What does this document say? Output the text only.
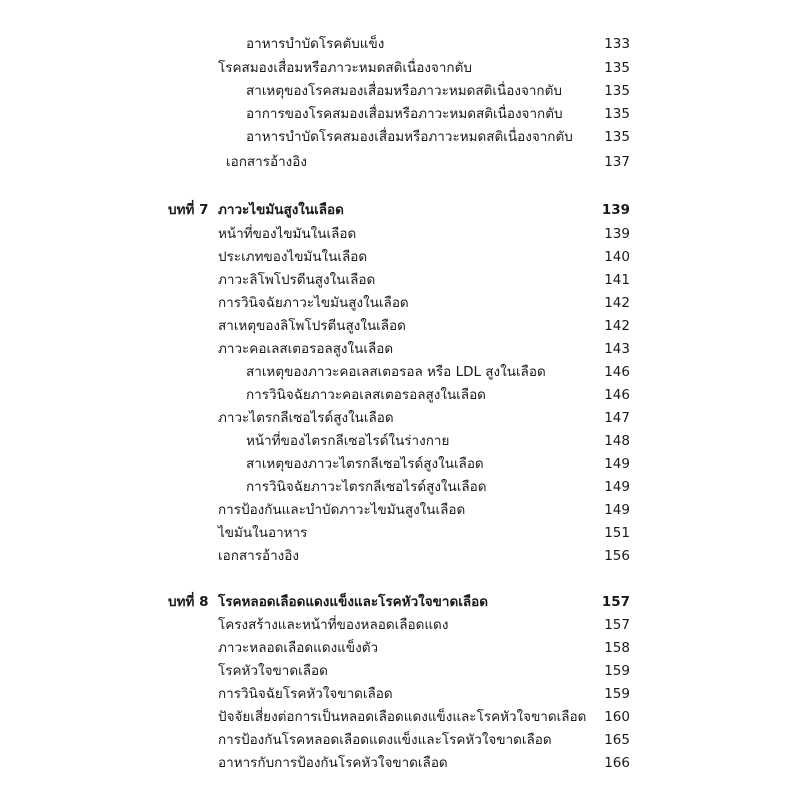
อาหารบำบัดโรคตับแข็ง	133
โรคสมองเสื่อมหรือภาวะหมดสติเนื่องจากตับ	135
สาเหตุของโรคสมองเสื่อมหรือภาวะหมดสติเนื่องจากตับ	135
อาการของโรคสมองเสื่อมหรือภาวะหมดสติเนื่องจากตับ	135
อาหารบำบัดโรคสมองเสื่อมหรือภาวะหมดสติเนื่องจากตับ	135
เอกสารอ้างอิง	137
บทที่ 7 ภาวะไขมันสูงในเลือด	139
หน้าที่ของไขมันในเลือด	139
ประเภทของไขมันในเลือด	140
ภาวะลิโพโปรตีนสูงในเลือด	141
การวินิจฉัยภาวะไขมันสูงในเลือด	142
สาเหตุของลิโพโปรตีนสูงในเลือด	142
ภาวะคอเลสเตอรอลสูงในเลือด	143
สาเหตุของภาวะคอเลสเตอรอล หรือ LDL สูงในเลือด	146
การวินิจฉัยภาวะคอเลสเตอรอลสูงในเลือด	146
ภาวะไตรกลีเซอไรด์สูงในเลือด	147
หน้าที่ของไตรกลีเซอไรด์ในร่างกาย	148
สาเหตุของภาวะไตรกลีเซอไรด์สูงในเลือด	149
การวินิจฉัยภาวะไตรกลีเซอไรด์สูงในเลือด	149
การป้องกันและบำบัดภาวะไขมันสูงในเลือด	149
ไขมันในอาหาร	151
เอกสารอ้างอิง	156
บทที่ 8 โรคหลอดเลือดแดงแข็งและโรคหัวใจขาดเลือด	157
โครงสร้างและหน้าที่ของหลอดเลือดแดง	157
ภาวะหลอดเลือดแดงแข็งตัว	158
โรคหัวใจขาดเลือด	159
การวินิจฉัยโรคหัวใจขาดเลือด	159
ปัจจัยเสี่ยงต่อการเป็นหลอดเลือดแดงแข็งและโรคหัวใจขาดเลือด	160
การป้องกันโรคหลอดเลือดแดงแข็งและโรคหัวใจขาดเลือด	165
อาหารกับการป้องกันโรคหัวใจขาดเลือด	166
